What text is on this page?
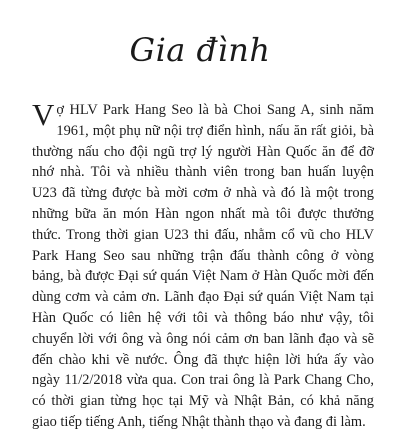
Gia đình

Vợ HLV Park Hang Seo là bà Choi Sang A, sinh năm 1961, một phụ nữ nội trợ điển hình, nấu ăn rất giỏi, bà thường nấu cho đội ngũ trợ lý người Hàn Quốc ăn để đỡ nhớ nhà. Tôi và nhiều thành viên trong ban huấn luyện U23 đã từng được bà mời cơm ở nhà và đó là một trong những bữa ăn món Hàn ngon nhất mà tôi được thưởng thức. Trong thời gian U23 thi đấu, nhằm cổ vũ cho HLV Park Hang Seo sau những trận đấu thành công ở vòng bảng, bà được Đại sứ quán Việt Nam ở Hàn Quốc mời đến dùng cơm và cảm ơn. Lãnh đạo Đại sứ quán Việt Nam tại Hàn Quốc có liên hệ với tôi và thông báo như vậy, tôi chuyển lời với ông và ông nói cảm ơn ban lãnh đạo và sẽ đến chào khi về nước. Ông đã thực hiện lời hứa ấy vào ngày 11/2/2018 vừa qua. Con trai ông là Park Chang Cho, có thời gian từng học tại Mỹ và Nhật Bản, có khả năng giao tiếp tiếng Anh, tiếng Nhật thành thạo và đang đi làm.
